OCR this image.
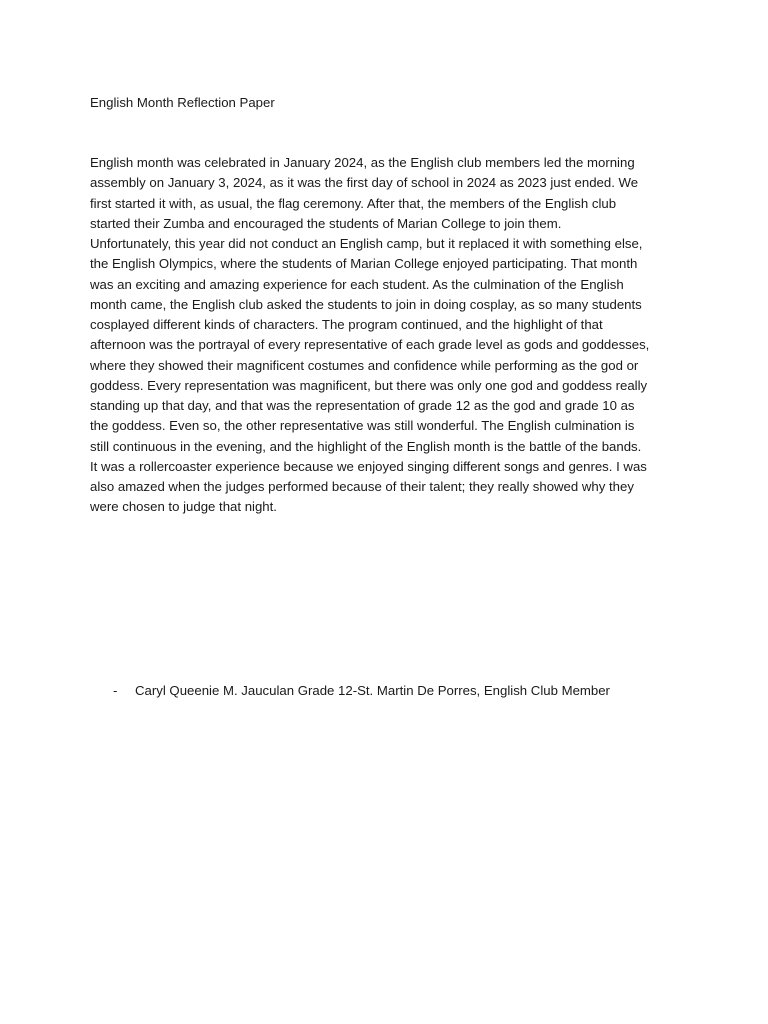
English Month Reflection Paper
English month was celebrated in January 2024, as the English club members led the morning
assembly on January 3, 2024, as it was the first day of school in 2024 as 2023 just ended. We
first started it with, as usual, the flag ceremony. After that, the members of the English club
started their Zumba and encouraged the students of Marian College to join them.
Unfortunately, this year did not conduct an English camp, but it replaced it with something else,
the English Olympics, where the students of Marian College enjoyed participating. That month
was an exciting and amazing experience for each student. As the culmination of the English
month came, the English club asked the students to join in doing cosplay, as so many students
cosplayed different kinds of characters. The program continued, and the highlight of that
afternoon was the portrayal of every representative of each grade level as gods and goddesses,
where they showed their magnificent costumes and confidence while performing as the god or
goddess. Every representation was magnificent, but there was only one god and goddess really
standing up that day, and that was the representation of grade 12 as the god and grade 10 as
the goddess. Even so, the other representative was still wonderful. The English culmination is
still continuous in the evening, and the highlight of the English month is the battle of the bands.
It was a rollercoaster experience because we enjoyed singing different songs and genres. I was
also amazed when the judges performed because of their talent; they really showed why they
were chosen to judge that night.
- Caryl Queenie M. Jauculan Grade 12-St. Martin De Porres, English Club Member
